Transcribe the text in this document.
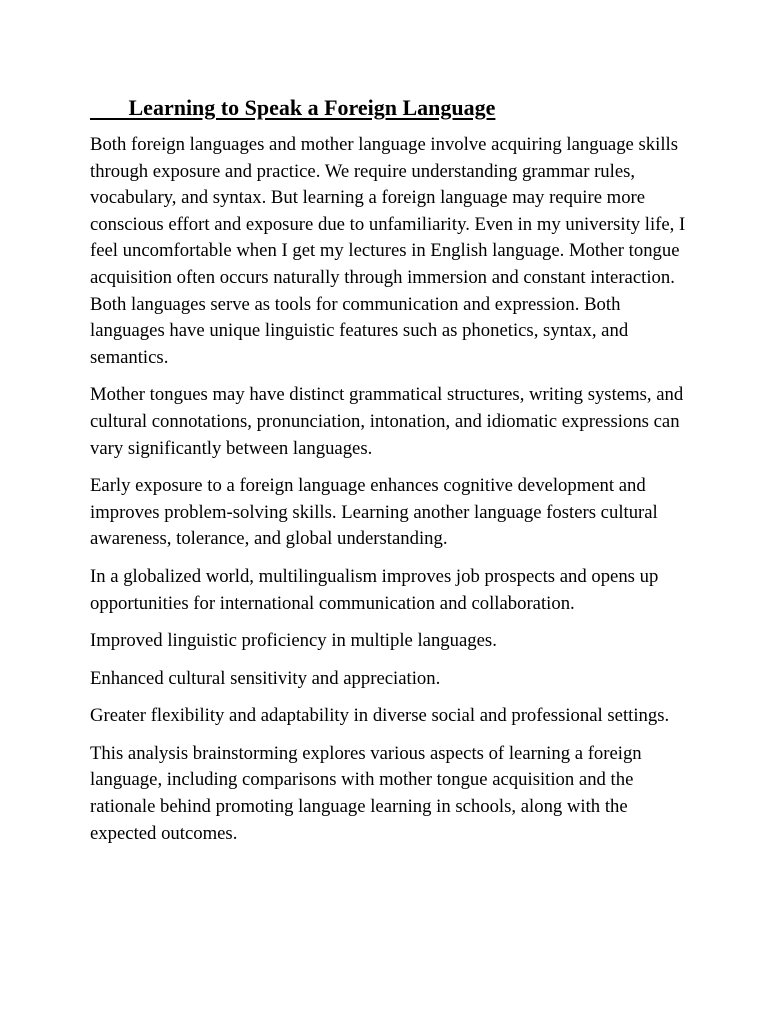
Learning to Speak a Foreign Language

Both foreign languages and mother language involve acquiring language skills through exposure and practice. We require understanding grammar rules, vocabulary, and syntax. But learning a foreign language may require more conscious effort and exposure due to unfamiliarity. Even in my university life, I feel uncomfortable when I get my lectures in English language. Mother tongue acquisition often occurs naturally through immersion and constant interaction. Both languages serve as tools for communication and expression. Both languages have unique linguistic features such as phonetics, syntax, and semantics.

Mother tongues may have distinct grammatical structures, writing systems, and cultural connotations, pronunciation, intonation, and idiomatic expressions can vary significantly between languages.

Early exposure to a foreign language enhances cognitive development and improves problem-solving skills. Learning another language fosters cultural awareness, tolerance, and global understanding.

In a globalized world, multilingualism improves job prospects and opens up opportunities for international communication and collaboration.

Improved linguistic proficiency in multiple languages.

Enhanced cultural sensitivity and appreciation.

Greater flexibility and adaptability in diverse social and professional settings.

This analysis brainstorming explores various aspects of learning a foreign language, including comparisons with mother tongue acquisition and the rationale behind promoting language learning in schools, along with the expected outcomes.
